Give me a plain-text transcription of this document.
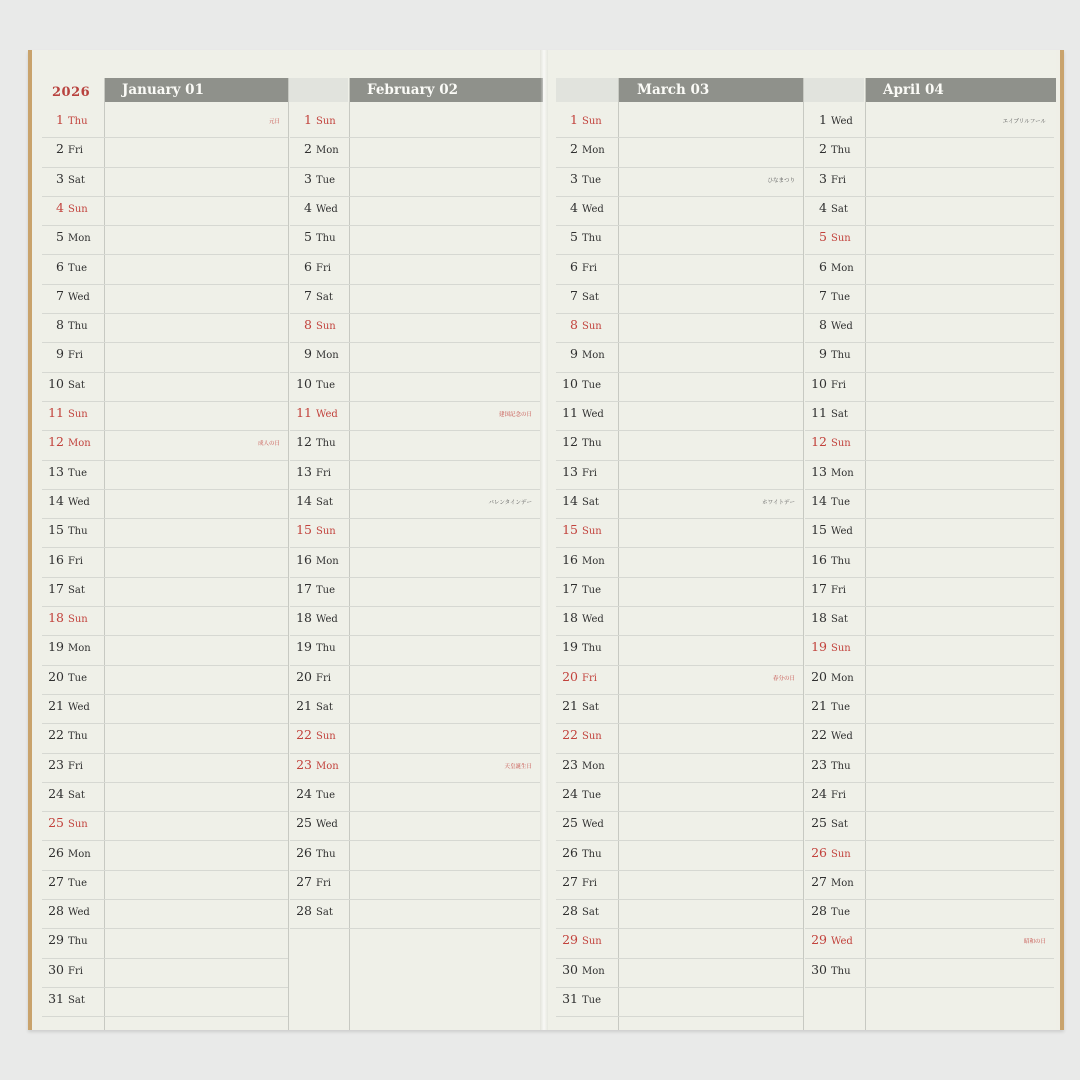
2026	January 01	February 02
1 Thu	元日
2 Fri
3 Sat
4 Sun
5 Mon
6 Tue
7 Wed
8 Thu
9 Fri
10 Sat
11 Sun
12 Mon	成人の日
13 Tue
14 Wed
15 Thu
16 Fri
17 Sat
18 Sun
19 Mon
20 Tue
21 Wed
22 Thu
23 Fri
24 Sat
25 Sun
26 Mon
27 Tue
28 Wed
29 Thu
30 Fri
31 Sat
1 Sun
2 Mon
3 Tue
4 Wed
5 Thu
6 Fri
7 Sat
8 Sun
9 Mon
10 Tue
11 Wed	建国記念の日
12 Thu
13 Fri
14 Sat	バレンタインデー
15 Sun
16 Mon
17 Tue
18 Wed
19 Thu
20 Fri
21 Sat
22 Sun
23 Mon	天皇誕生日
24 Tue
25 Wed
26 Thu
27 Fri
28 Sat
March 03	April 04
1 Sun
2 Mon
3 Tue	ひなまつり
4 Wed
5 Thu
6 Fri
7 Sat
8 Sun
9 Mon
10 Tue
11 Wed
12 Thu
13 Fri
14 Sat	ホワイトデー
15 Sun
16 Mon
17 Tue
18 Wed
19 Thu
20 Fri	春分の日
21 Sat
22 Sun
23 Mon
24 Tue
25 Wed
26 Thu
27 Fri
28 Sat
29 Sun
30 Mon
31 Tue
1 Wed	エイプリルフール
2 Thu
3 Fri
4 Sat
5 Sun
6 Mon
7 Tue
8 Wed
9 Thu
10 Fri
11 Sat
12 Sun
13 Mon
14 Tue
15 Wed
16 Thu
17 Fri
18 Sat
19 Sun
20 Mon
21 Tue
22 Wed
23 Thu
24 Fri
25 Sat
26 Sun
27 Mon
28 Tue
29 Wed	昭和の日
30 Thu
